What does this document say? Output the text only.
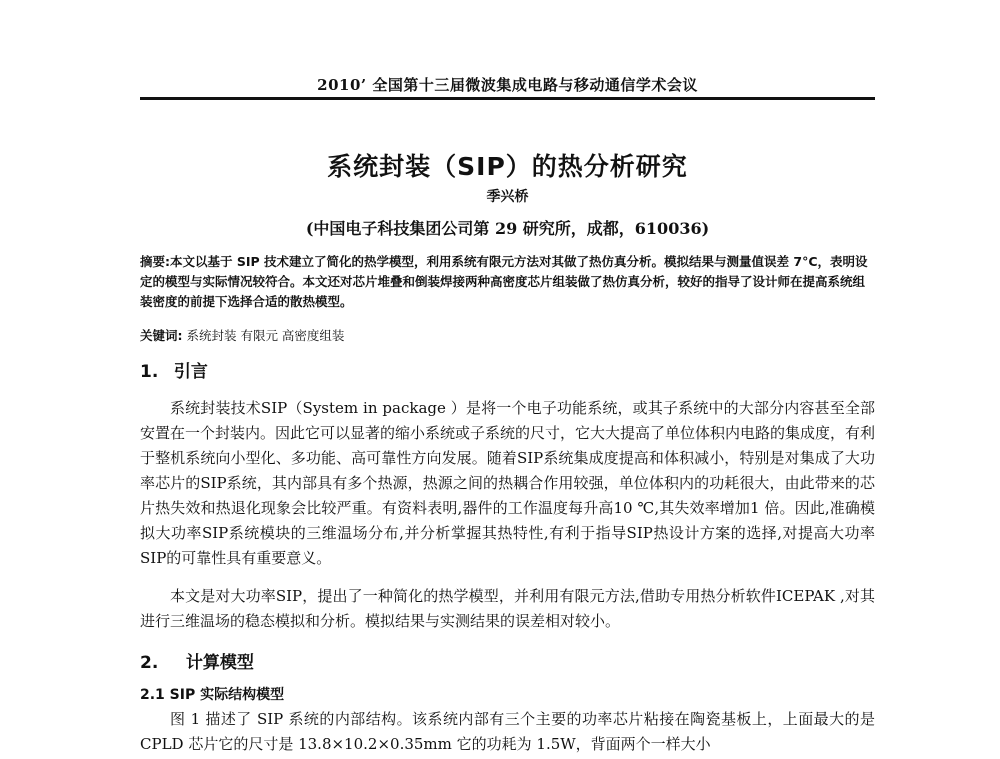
2010’ 全国第十三届微波集成电路与移动通信学术会议
系统封装（SIP）的热分析研究
季兴桥
(中国电子科技集团公司第 29 研究所，成都，610036)
摘要:本文以基于 SIP 技术建立了简化的热学模型，利用系统有限元方法对其做了热仿真分析。模拟结果与测量值误差 7°C，表明设定的模型与实际情况较符合。本文还对芯片堆叠和倒装焊接两种高密度芯片组装做了热仿真分析，较好的指导了设计师在提高系统组装密度的前提下选择合适的散热模型。
关键词: 系统封装 有限元 高密度组装
1. 引言
系统封装技术SIP（System in package ）是将一个电子功能系统，或其子系统中的大部分内容甚至全部安置在一个封装内。因此它可以显著的缩小系统或子系统的尺寸，它大大提高了单位体积内电路的集成度，有利于整机系统向小型化、多功能、高可靠性方向发展。随着SIP系统集成度提高和体积减小，特别是对集成了大功率芯片的SIP系统，其内部具有多个热源，热源之间的热耦合作用较强，单位体积内的功耗很大，由此带来的芯片热失效和热退化现象会比较严重。有资料表明,器件的工作温度每升高10 ℃,其失效率增加1 倍。因此,准确模拟大功率SIP系统模块的三维温场分布,并分析掌握其热特性,有利于指导SIP热设计方案的选择,对提高大功率SIP的可靠性具有重要意义。
本文是对大功率SIP，提出了一种简化的热学模型，并利用有限元方法,借助专用热分析软件ICEPAK ,对其进行三维温场的稳态模拟和分析。模拟结果与实测结果的误差相对较小。
2. 计算模型
2.1 SIP 实际结构模型
图 1 描述了 SIP 系统的内部结构。该系统内部有三个主要的功率芯片粘接在陶瓷基板上，上面最大的是 CPLD 芯片它的尺寸是 13.8×10.2×0.35mm 它的功耗为 1.5W，背面两个一样大小
